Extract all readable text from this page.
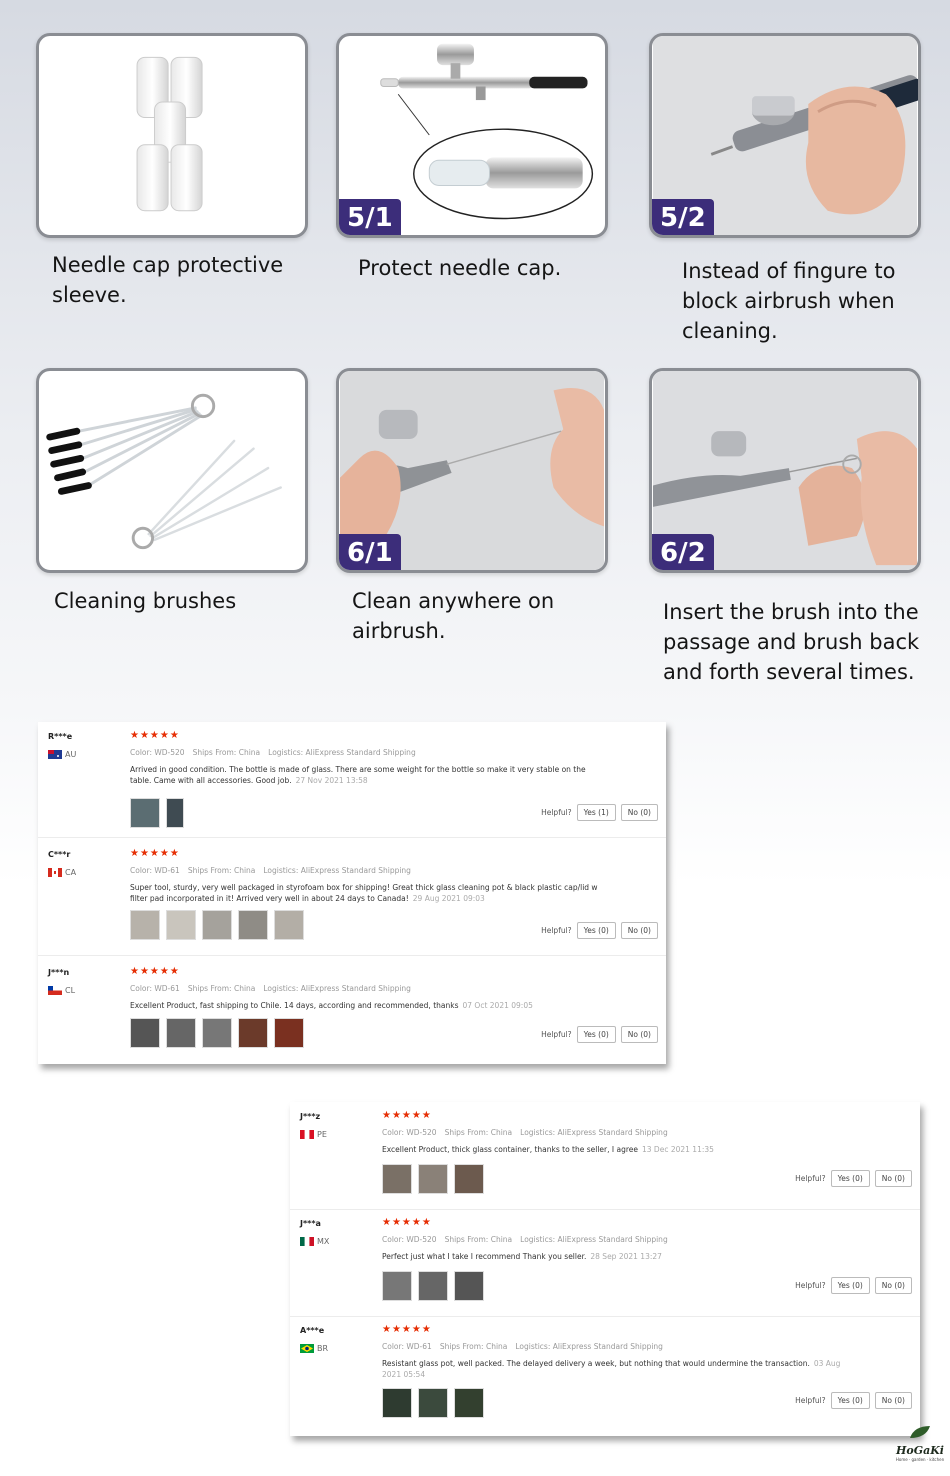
Needle cap protective
sleeve.
5/1
Protect needle cap.
5/2
Instead of fingure to
block airbrush when
cleaning.
Cleaning brushes
6/1
Clean anywhere on
airbrush.
6/2
Insert the brush into the
passage and brush back
and forth several times.
R***e
AU
★★★★★
Color: WD-520 Ships From: China Logistics: AliExpress Standard Shipping
Arrived in good condition. The bottle is made of glass. There are some weight for the bottle so make it very stable on the table. Came with all accessories. Good job. 27 Nov 2021 13:58
Helpful?	Yes (1)	No (0)
C***r
CA
★★★★★
Color: WD-61 Ships From: China Logistics: AliExpress Standard Shipping
Super tool, sturdy, very well packaged in styrofoam box for shipping! Great thick glass cleaning pot & black plastic cap/lid w filter pad incorporated in it! Arrived very well in about 24 days to Canada! 29 Aug 2021 09:03
Helpful?	Yes (0)	No (0)
J***n
CL
★★★★★
Color: WD-61 Ships From: China Logistics: AliExpress Standard Shipping
Excellent Product, fast shipping to Chile. 14 days, according and recommended, thanks 07 Oct 2021 09:05
Helpful?	Yes (0)	No (0)
J***z
PE
★★★★★
Color: WD-520 Ships From: China Logistics: AliExpress Standard Shipping
Excellent Product, thick glass container, thanks to the seller, I agree 13 Dec 2021 11:35
Helpful?	Yes (0)	No (0)
J***a
MX
★★★★★
Color: WD-520 Ships From: China Logistics: AliExpress Standard Shipping
Perfect just what I take I recommend Thank you seller. 28 Sep 2021 13:27
Helpful?	Yes (0)	No (0)
A***e
BR
★★★★★
Color: WD-61 Ships From: China Logistics: AliExpress Standard Shipping
Resistant glass pot, well packed. The delayed delivery a week, but nothing that would undermine the transaction. 03 Aug 2021 05:54
Helpful?	Yes (0)	No (0)
HoGaKi
Home · garden · kitchen
